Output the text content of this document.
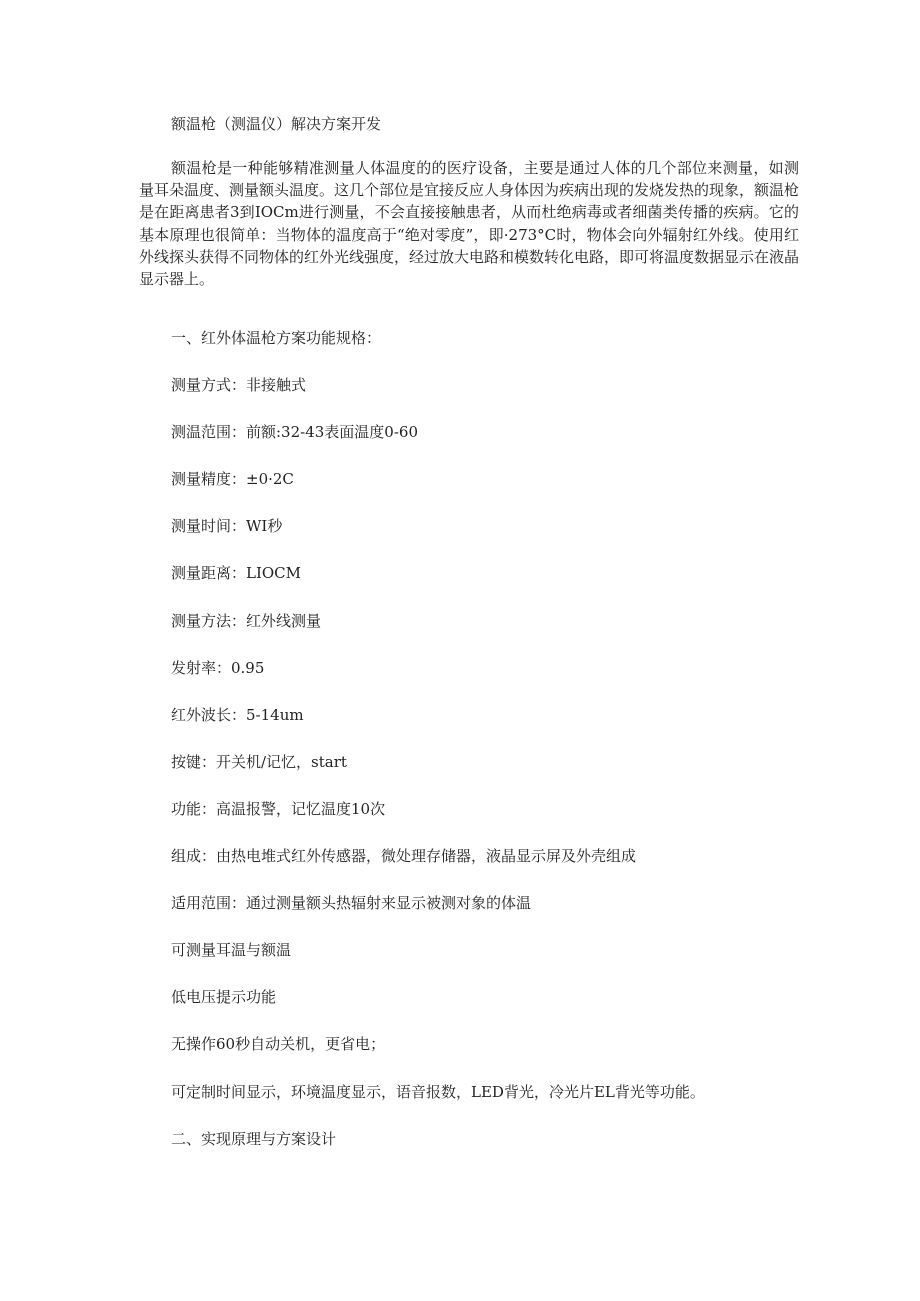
额温枪（测温仪）解决方案开发

额温枪是一种能够精准测量人体温度的的医疗设备，主要是通过人体的几个部位来测量，如测量耳朵温度、测量额头温度。这几个部位是宜接反应人身体因为疾病出现的发烧发热的现象，额温枪是在距离患者3到IOCm进行测量，不会直接接触患者，从而杜绝病毒或者细菌类传播的疾病。它的基本原理也很简单：当物体的温度高于“绝对零度”，即·273°C时，物体会向外辐射红外线。使用红外线探头获得不同物体的红外光线强度，经过放大电路和模数转化电路，即可将温度数据显示在液晶显示器上。

一、红外体温枪方案功能规格：
测量方式：非接触式
测温范围：前额:32-43表面温度0-60
测量精度：±0·2C
测量时间：WI秒
测量距离：LIOCM
测量方法：红外线测量
发射率：0.95
红外波长：5-14um
按键：开关机/记忆，start
功能：高温报警，记忆温度10次
组成：由热电堆式红外传感器，微处理存储器，液晶显示屏及外壳组成
适用范围：通过测量额头热辐射来显示被测对象的体温
可测量耳温与额温
低电压提示功能
无操作60秒自动关机，更省电；
可定制时间显示，环境温度显示，语音报数，LED背光，冷光片EL背光等功能。
二、实现原理与方案设计
